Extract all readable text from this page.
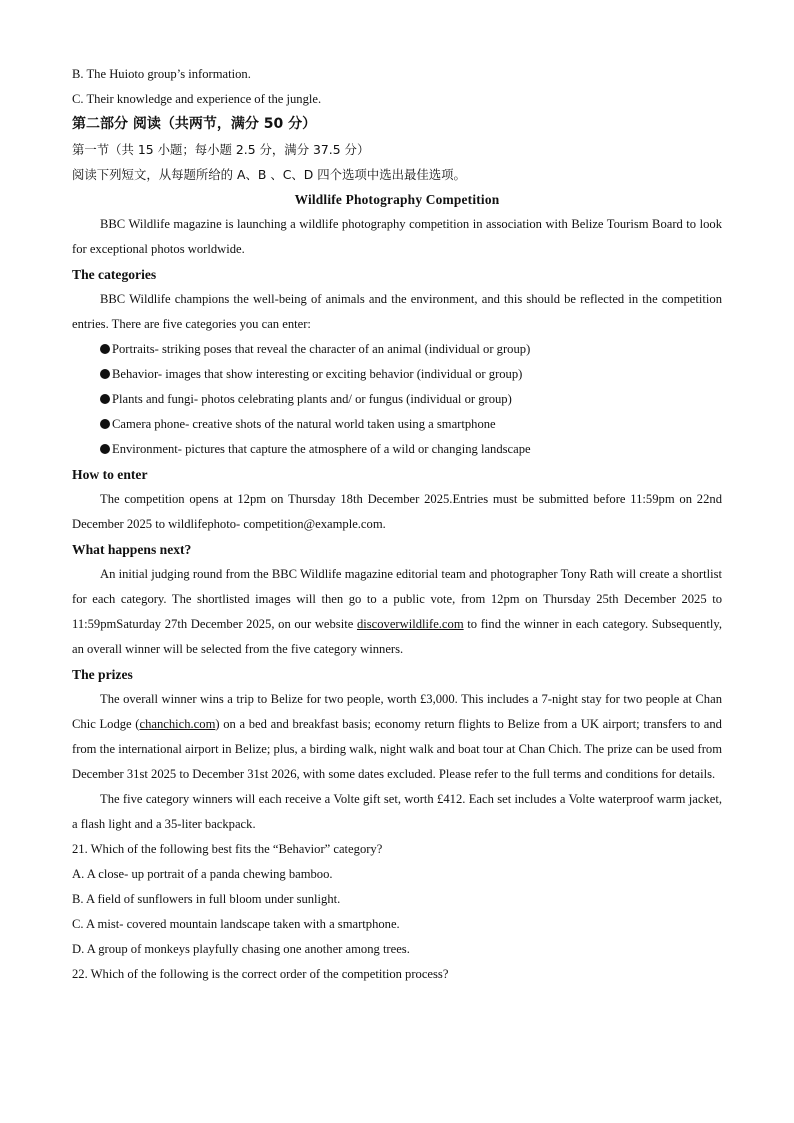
B. The Huioto group’s information.
C. Their knowledge and experience of the jungle.
第二部分 阅读（共两节，满分 50 分）
第一节（共 15 小题；每小题 2.5 分，满分 37.5 分）
阅读下列短文，从每题所给的 A、B 、C、D 四个选项中选出最佳选项。
Wildlife Photography Competition

BBC Wildlife magazine is launching a wildlife photography competition in association with Belize Tourism Board to look for exceptional photos worldwide.

The categories

BBC Wildlife champions the well-being of animals and the environment, and this should be reflected in the competition entries. There are five categories you can enter:

Portraits- striking poses that reveal the character of an animal (individual or group)
Behavior- images that show interesting or exciting behavior (individual or group)
Plants and fungi- photos celebrating plants and/ or fungus (individual or group)
Camera phone- creative shots of the natural world taken using a smartphone
Environment- pictures that capture the atmosphere of a wild or changing landscape
How to enter

The competition opens at 12pm on Thursday 18th December 2025.Entries must be submitted before 11:59pm on 22nd December 2025 to wildlifephoto- competition@example.com.

What happens next?

An initial judging round from the BBC Wildlife magazine editorial team and photographer Tony Rath will create a shortlist for each category. The shortlisted images will then go to a public vote, from 12pm on Thursday 25th December 2025 to 11:59pmSaturday 27th December 2025, on our website discoverwildlife.com to find the winner in each category. Subsequently, an overall winner will be selected from the five category winners.

The prizes

The overall winner wins a trip to Belize for two people, worth £3,000. This includes a 7-night stay for two people at Chan Chic Lodge (chanchich.com) on a bed and breakfast basis; economy return flights to Belize from a UK airport; transfers to and from the international airport in Belize; plus, a birding walk, night walk and boat tour at Chan Chich. The prize can be used from December 31st 2025 to December 31st 2026, with some dates excluded. Please refer to the full terms and conditions for details.

The five category winners will each receive a Volte gift set, worth £412. Each set includes a Volte waterproof warm jacket, a flash light and a 35-liter backpack.

21. Which of the following best fits the “Behavior” category?
A. A close- up portrait of a panda chewing bamboo.
B. A field of sunflowers in full bloom under sunlight.
C. A mist- covered mountain landscape taken with a smartphone.
D. A group of monkeys playfully chasing one another among trees.
22. Which of the following is the correct order of the competition process?
